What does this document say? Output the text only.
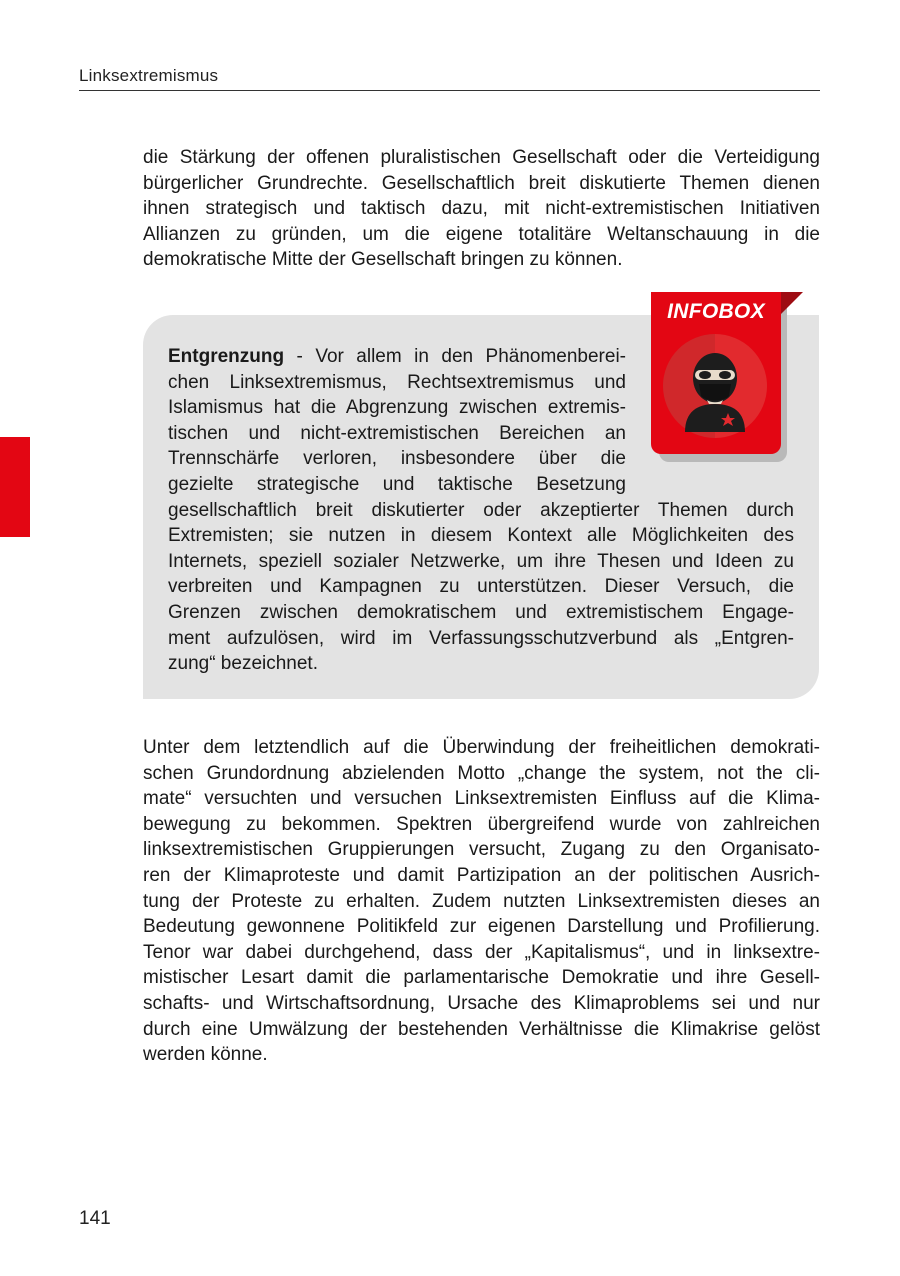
Linksextremismus
die Stärkung der offenen pluralistischen Gesellschaft oder die Verteidigung
bürgerlicher Grundrechte. Gesellschaftlich breit diskutierte Themen dienen
ihnen strategisch und taktisch dazu, mit nicht-extremistischen Initiativen
Allianzen zu gründen, um die eigene totalitäre Weltanschauung in die
demokratische Mitte der Gesellschaft bringen zu können.
Entgrenzung - Vor allem in den Phänomenberei-
chen Linksextremismus, Rechtsextremismus und
Islamismus hat die Abgrenzung zwischen extremis-
tischen und nicht-extremistischen Bereichen an
Trennschärfe verloren, insbesondere über die
gezielte strategische und taktische Besetzung
gesellschaftlich breit diskutierter oder akzeptierter Themen durch
Extremisten; sie nutzen in diesem Kontext alle Möglichkeiten des
Internets, speziell sozialer Netzwerke, um ihre Thesen und Ideen zu
verbreiten und Kampagnen zu unterstützen. Dieser Versuch, die
Grenzen zwischen demokratischem und extremistischem Engage-
ment aufzulösen, wird im Verfassungsschutzverbund als „Entgren-
zung“ bezeichnet.
INFOBOX
Unter dem letztendlich auf die Überwindung der freiheitlichen demokrati-
schen Grundordnung abzielenden Motto „change the system, not the cli-
mate“ versuchten und versuchen Linksextremisten Einfluss auf die Klima-
bewegung zu bekommen. Spektren übergreifend wurde von zahlreichen
linksextremistischen Gruppierungen versucht, Zugang zu den Organisato-
ren der Klimaproteste und damit Partizipation an der politischen Ausrich-
tung der Proteste zu erhalten. Zudem nutzten Linksextremisten dieses an
Bedeutung gewonnene Politikfeld zur eigenen Darstellung und Profilierung.
Tenor war dabei durchgehend, dass der „Kapitalismus“, und in linksextre-
mistischer Lesart damit die parlamentarische Demokratie und ihre Gesell-
schafts- und Wirtschaftsordnung, Ursache des Klimaproblems sei und nur
durch eine Umwälzung der bestehenden Verhältnisse die Klimakrise gelöst
werden könne.
141
